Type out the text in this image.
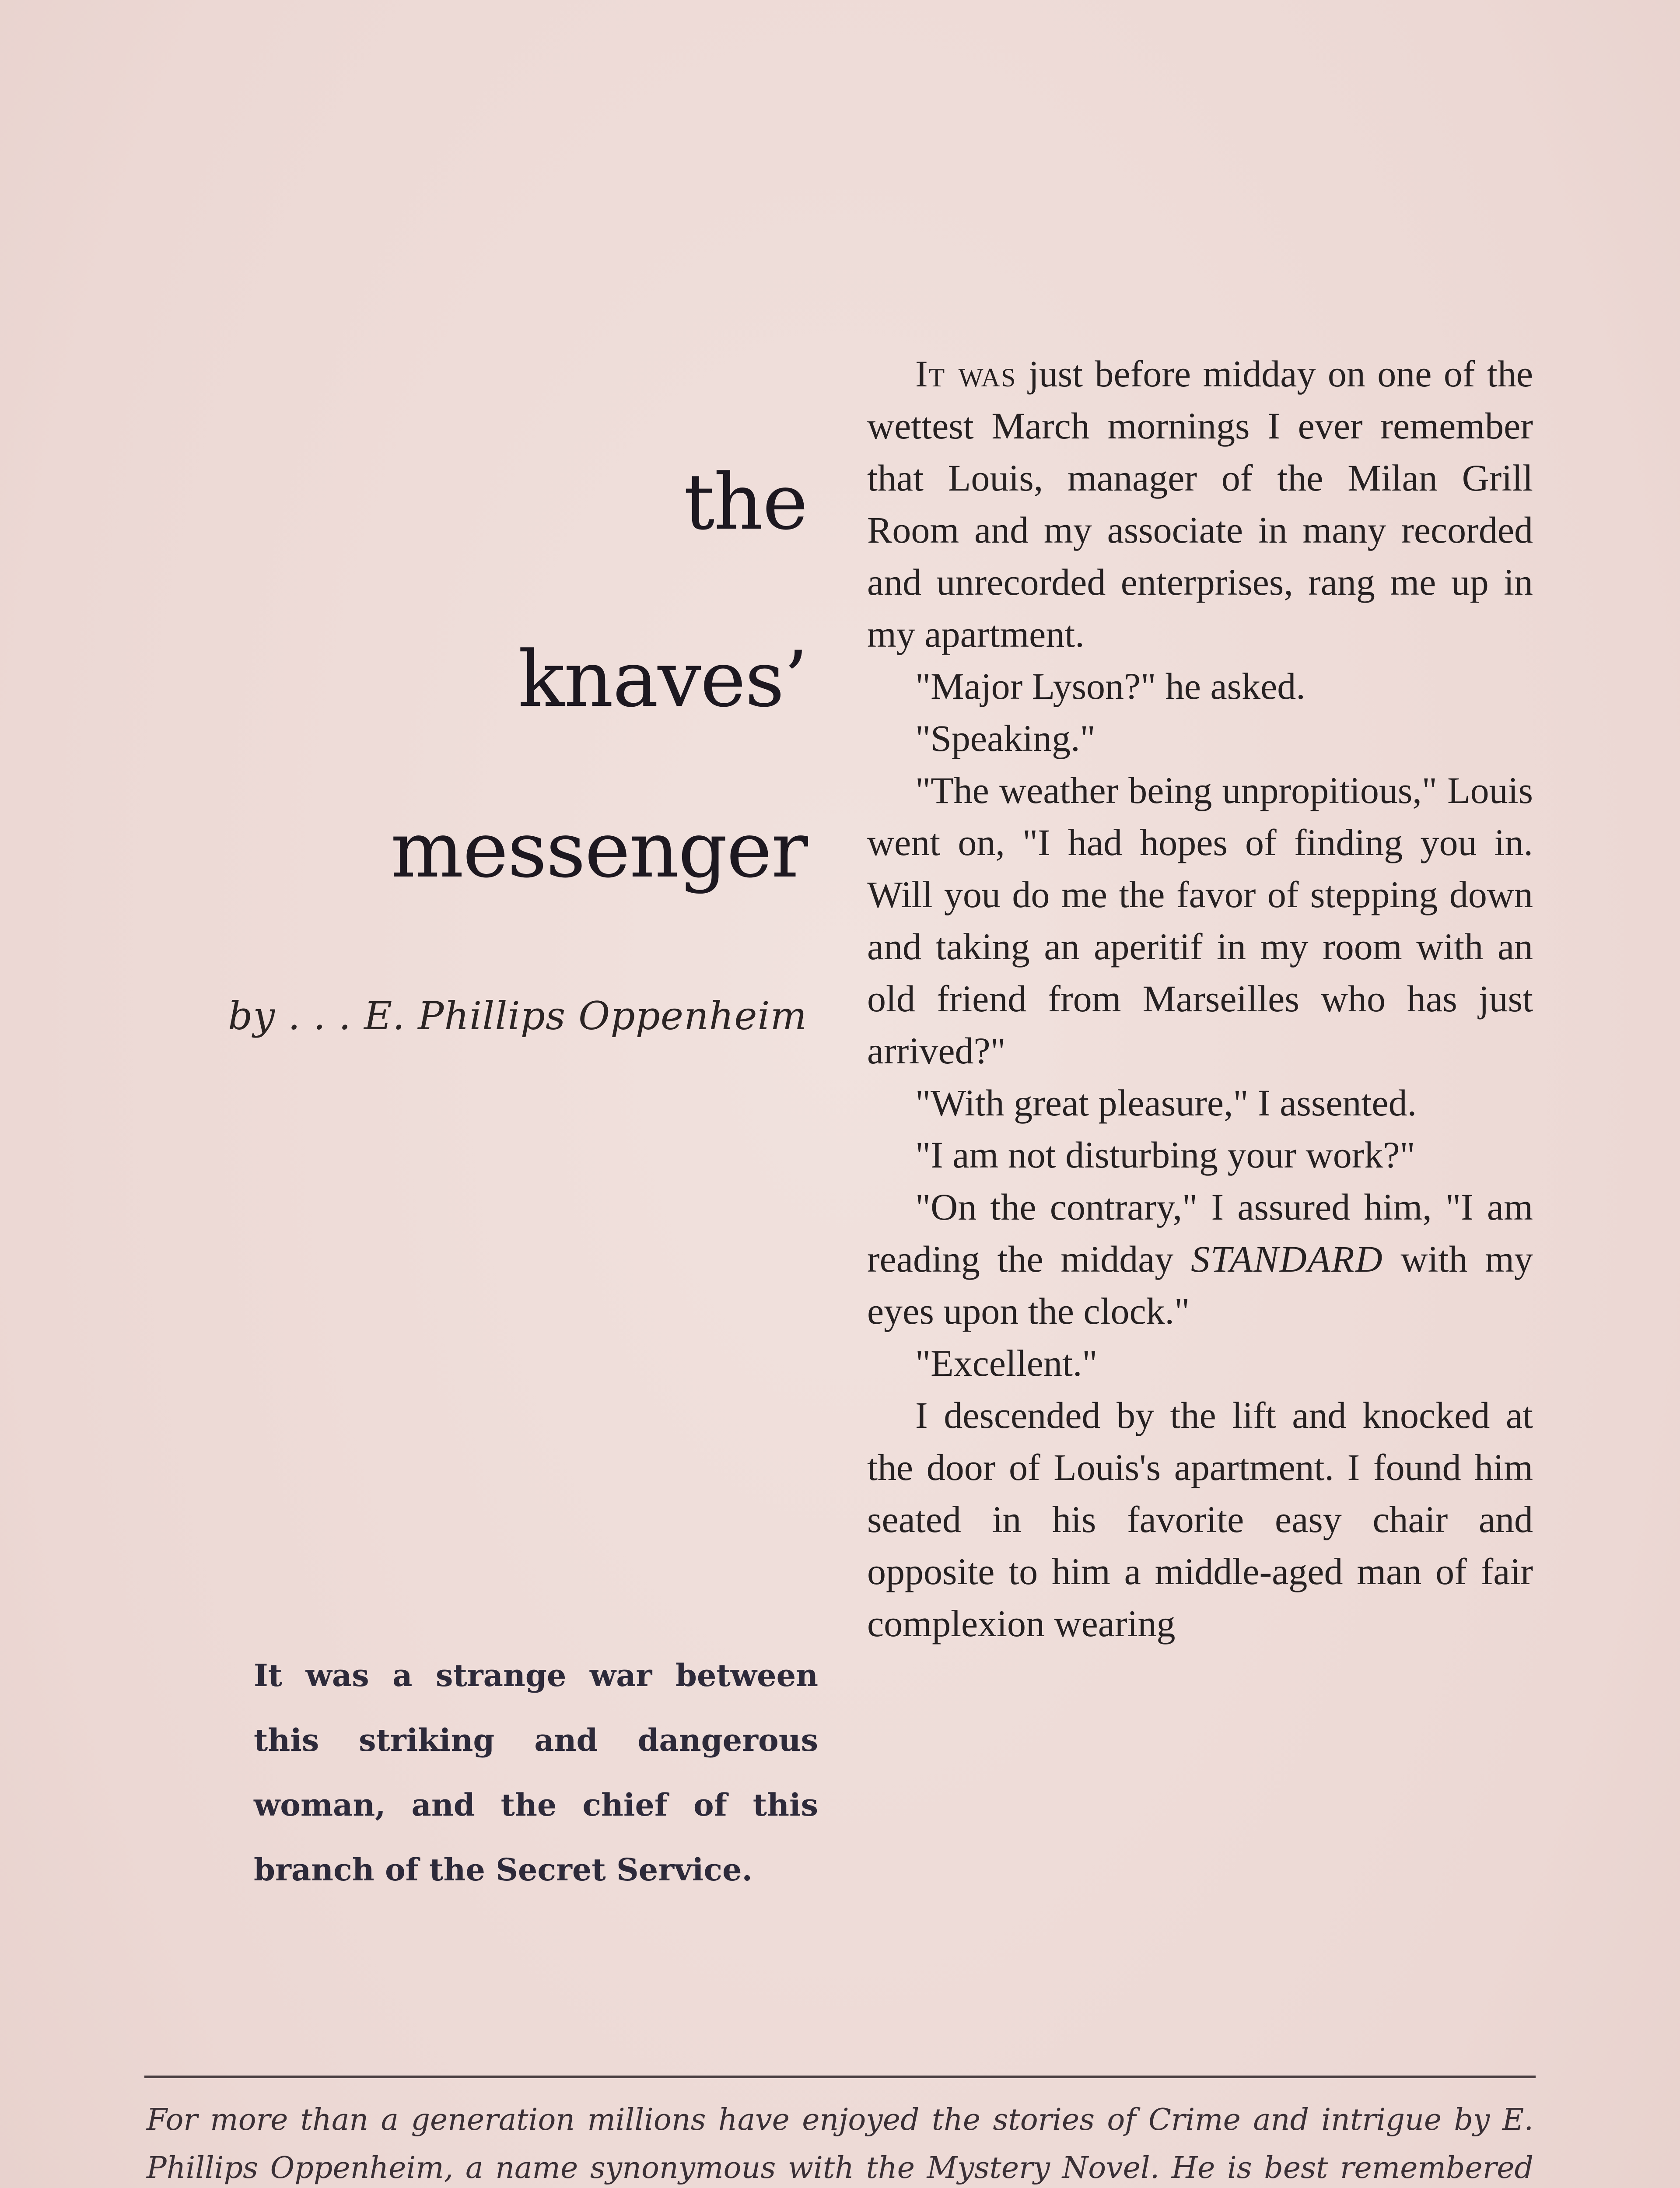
the
knaves’
messenger
by . . . E. Phillips Oppenheim
It was a strange war between this striking and dangerous woman, and the chief of this branch of the Secret Service.

It was just before midday on one of the wettest March mornings I ever remember that Louis, manager of the Milan Grill Room and my associate in many recorded and unrecorded enterprises, rang me up in my apartment.

"Major Lyson?" he asked.

"Speaking."

"The weather being unpropitious," Louis went on, "I had hopes of finding you in. Will you do me the favor of stepping down and taking an aperitif in my room with an old friend from Marseilles who has just arrived?"

"With great pleasure," I assented.

"I am not disturbing your work?"

"On the contrary," I assured him, "I am reading the midday STANDARD with my eyes upon the clock."

"Excellent."

I descended by the lift and knocked at the door of Louis's apartment. I found him seated in his favorite easy chair and opposite to him a middle-aged man of fair complexion wearing

For more than a generation millions have enjoyed the stories of Crime and intrigue by E. Phillips Oppenheim, a name synonymous with the Mystery Novel. He is best remembered
